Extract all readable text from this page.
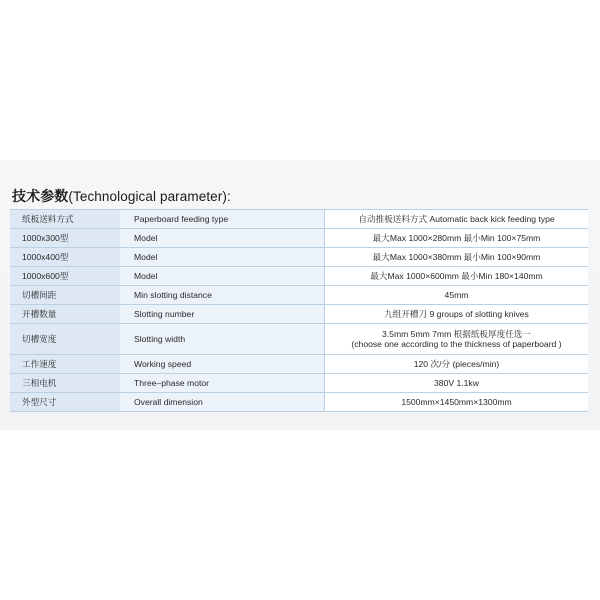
技术参数(Technological parameter):
纸板送料方式	Paperboard feeding type	自动推板送料方式 Automatic back kick feeding type

1000x300型	Model	最大Max 1000×280mm 最小Min 100×75mm

1000x400型	Model	最大Max 1000×380mm 最小Min 100×90mm

1000x600型	Model	最大Max 1000×600mm 最小Min 180×140mm

切槽间距	Min slotting distance	45mm

开槽数量	Slotting number	九组开槽刀 9 groups of slotting knives

切槽宽度	Slotting width	3.5mm 5mm 7mm 根据纸板厚度任选一
(choose one according to the thickness of paperboard )

工作速度	Working speed	120 次/分 (pieces/min)

三相电机	Three–phase motor	380V 1.1kw

外型尺寸	Overall dimension	1500mm×1450mm×1300mm
